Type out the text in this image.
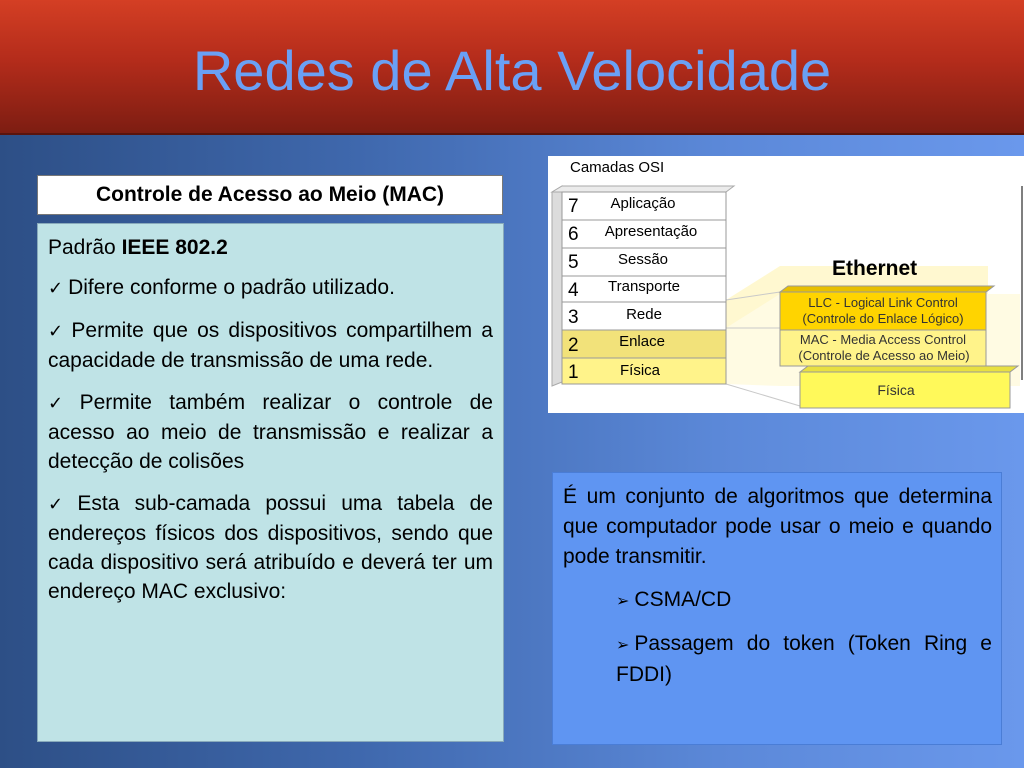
Redes de Alta Velocidade
Controle de Acesso ao Meio (MAC)

Padrão IEEE 802.2

✓ Difere conforme o padrão utilizado.

✓ Permite que os dispositivos compartilhem a capacidade de transmissão de uma rede.

✓ Permite também realizar o controle de acesso ao meio de transmissão e realizar a detecção de colisões

✓ Esta sub-camada possui uma tabela de endereços físicos dos dispositivos, sendo que cada dispositivo será atribuído e deverá ter um endereço MAC exclusivo:

Camadas OSI
7 Aplicação
6 Apresentação
5	Sessão
4 Transporte
3	Rede
2	Enlace
1	Física
Ethernet
LLC - Logical Link Control
(Controle do Enlace Lógico)
MAC - Media Access Control
(Controle de Acesso ao Meio)
Física

É um conjunto de algoritmos que determina que computador pode usar o meio e quando pode transmitir.

➢ CSMA/CD

➢ Passagem do token (Token Ring e FDDI)
